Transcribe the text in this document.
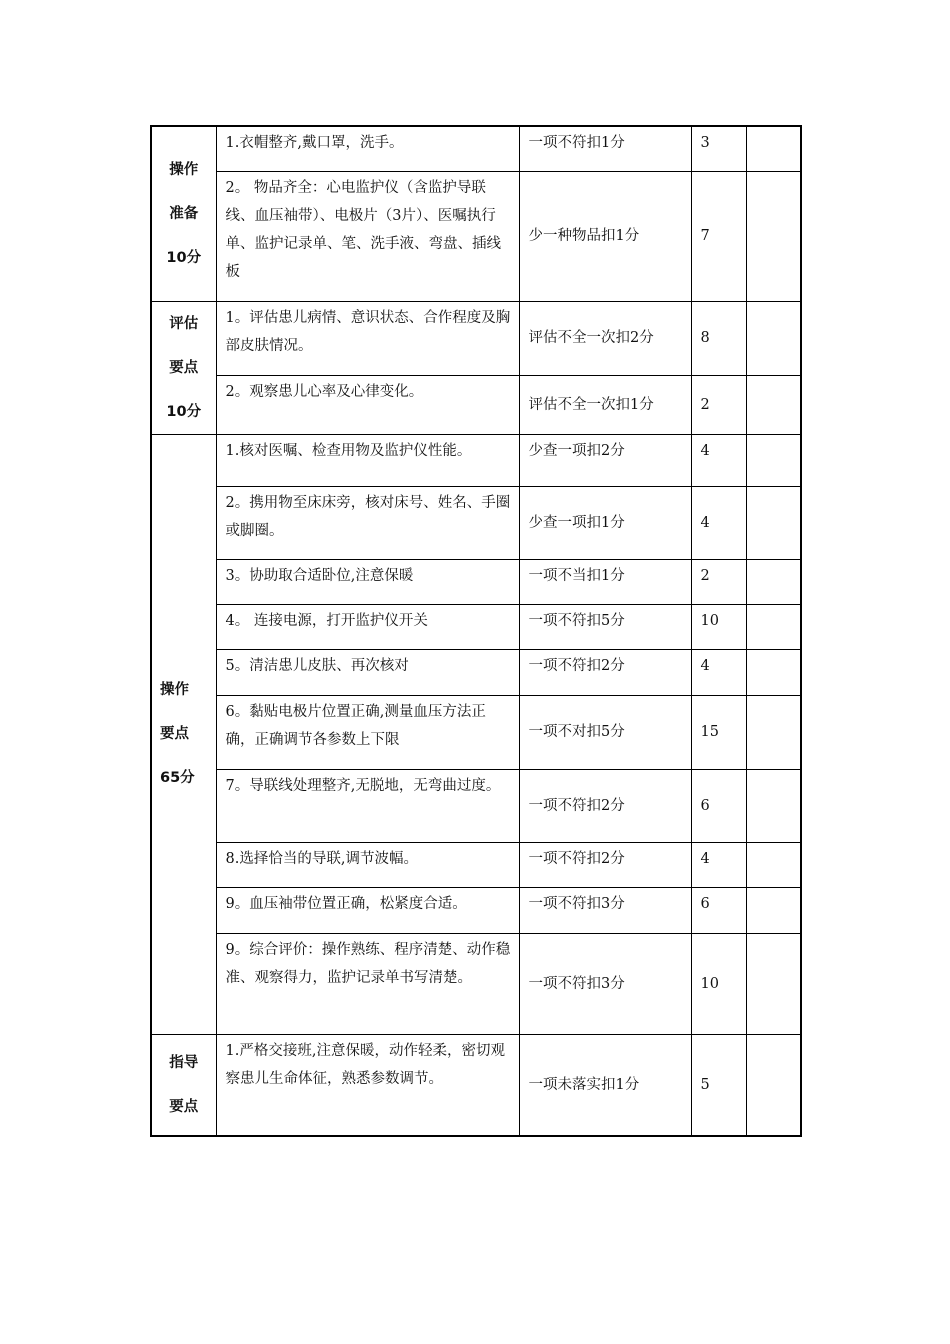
操作
准备
10分	1.衣帽整齐,戴口罩，洗手。	一项不符扣1分	3	

	2。 物品齐全：心电监护仪（含监护导联线、血压袖带）、电极片（3片）、医嘱执行单、监护记录单、笔、洗手液、弯盘、插线板	少一种物品扣1分	7	

评估
要点
10分	1。评估患儿病情、意识状态、合作程度及胸部皮肤情况。	评估不全一次扣2分	8	

	2。观察患儿心率及心律变化。	评估不全一次扣1分	2	

操作
要点
65分	1.核对医嘱、检查用物及监护仪性能。	少查一项扣2分	4	

	2。携用物至床床旁，核对床号、姓名、手圈或脚圈。	少查一项扣1分	4	

	3。协助取合适卧位,注意保暖	一项不当扣1分	2	

	4。 连接电源，打开监护仪开关	一项不符扣5分	10	

	5。清洁患儿皮肤、再次核对	一项不符扣2分	4	

	6。黏贴电极片位置正确,测量血压方法正确，正确调节各参数上下限	一项不对扣5分	15	

	7。导联线处理整齐,无脱地，无弯曲过度。	一项不符扣2分	6	

	8.选择恰当的导联,调节波幅。	一项不符扣2分	4	

	9。血压袖带位置正确，松紧度合适。	一项不符扣3分	6	

	9。综合评价：操作熟练、程序清楚、动作稳准、观察得力，监护记录单书写清楚。	一项不符扣3分	10	

指导
要点	1.严格交接班,注意保暖，动作轻柔，密切观察患儿生命体征，熟悉参数调节。	一项未落实扣1分	5	
